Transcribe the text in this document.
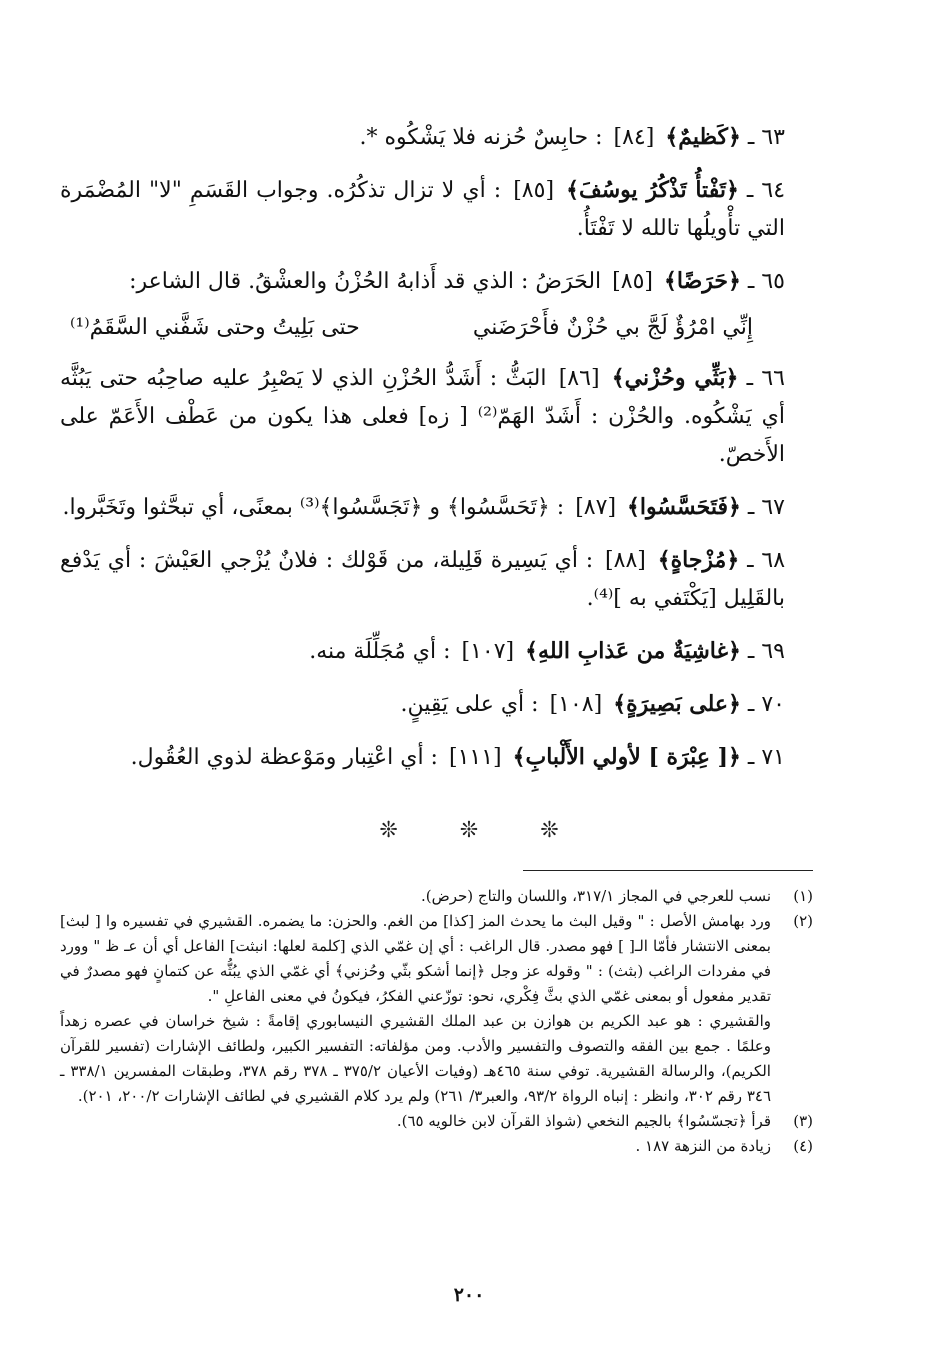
٦٣ ـ ﴿كَظيمٌ﴾ [٨٤] : حابِسٌ حُزنه فلا يَشْكُوه *.

٦٤ ـ ﴿تَفْتأُ تَذْكُرُ يوسُفَ﴾ [٨٥] : أي لا تزال تذكُرُه. وجواب القَسَمِ "لا" المُضْمَرة التي تأْويلُها تالله لا تَفْتَأُ.

٦٥ ـ ﴿حَرَضًا﴾ [٨٥] الحَرَضُ : الذي قد أَذابهُ الحُزْنُ والعشْقُ. قال الشاعر:

إِنِّي امْرُؤٌ لَجَّ بي حُزْنٌ فأَحْرَضَني
حتى بَلِيتُ وحتى شَفَّني السَّقَمُ⁽¹⁾

٦٦ ـ ﴿بَثِّي وحُزْني﴾ [٨٦] البَثُّ : أَشَدُّ الحُزْنِ الذي لا يَصْبِرُ عليه صاحِبُه حتى يَبُثَّه أي يَشْكُوه. والحُزْن : أَشَدّ الهَمّ⁽²⁾ [ زه] فعلى هذا يكون من عَطْف الأَعَمّ على الأَخصّ.

٦٧ ـ ﴿فَتَحَسَّسُوا﴾ [٨٧] : ﴿تَحَسَّسُوا﴾ و ﴿تَجَسَّسُوا﴾⁽³⁾ بمعنًى، أي تبحَّثوا وتَخَبَّروا.

٦٨ ـ ﴿مُزْجاةٍ﴾ [٨٨] : أي يَسِيرة قَلِيلة، من قَوْلك : فلانٌ يُزْجي العَيْشَ : أي يَدْفع بالقَلِيل [يَكْتَفي به ]⁽⁴⁾.

٦٩ ـ ﴿غاشِيَةٌ من عَذابِ اللهِ﴾ [١٠٧] : أي مُجَلِّلَة منه.

٧٠ ـ ﴿على بَصِيرَةٍ﴾ [١٠٨] : أي على يَقِينٍ.

٧١ ـ ﴿[ عِبْرَة ] لأولي الأَلْبابِ﴾ [١١١] : أي اعْتِبار ومَوْعظة لذوي العُقُول.

❊
❊
❊
(١)
نسب للعرجي في المجاز ٣١٧/١، واللسان والتاج (حرض).
(٢)
ورد بهامش الأصل : " وقيل البث ما يحدث المز [كذا] من الغم. والحزن: ما يضمره. القشيري في تفسيره وا [ لبث] بمعنى الانتشار فأمّا الـ[ ] فهو مصدر. قال الراغب : أي إن غمّي الذي [كلمة لعلها: انبثت] الفاعل أي أن عـ ظ " وورد في مفردات الراغب (بثث) : " وقوله عز وجل ﴿إنما أشكو بثّي وحُزني﴾ أي غمّي الذي يبُثُّه عن كتمانٍ فهو مصدرٌ في تقدير مفعول أو بمعنى غمّي الذي بثَّ فِكْري، نحو: توزّعني الفكرُ، فيكونُ في معنى الفاعلِ ".
والقشيري : هو عبد الكريم بن هوازن بن عبد الملك القشيري النيسابوري إقامةً : شيخ خراسان في عصره زهداً وعلمًا . جمع بين الفقه والتصوف والتفسير والأدب. ومن مؤلفاته: التفسير الكبير، ولطائف الإشارات (تفسير للقرآن الكريم)، والرسالة القشيرية. توفي سنة ٤٦٥هـ (وفيات الأعيان ٣٧٥/٢ ـ ٣٧٨ رقم ٣٧٨، وطبقات المفسرين ٣٣٨/١ ـ ٣٤٦ رقم ٣٠٢، وانظر : إنباه الرواة ٩٣/٢، والعبر٣/ ٢٦١) ولم يرد كلام القشيري في لطائف الإشارات ٢٠٠/٢، ٢٠١).
(٣)
قرأ ﴿تجسّسُوا﴾ بالجيم النخعي (شواذ القرآن لابن خالويه ٦٥).
(٤)
زيادة من النزهة ١٨٧ .
٢٠٠
